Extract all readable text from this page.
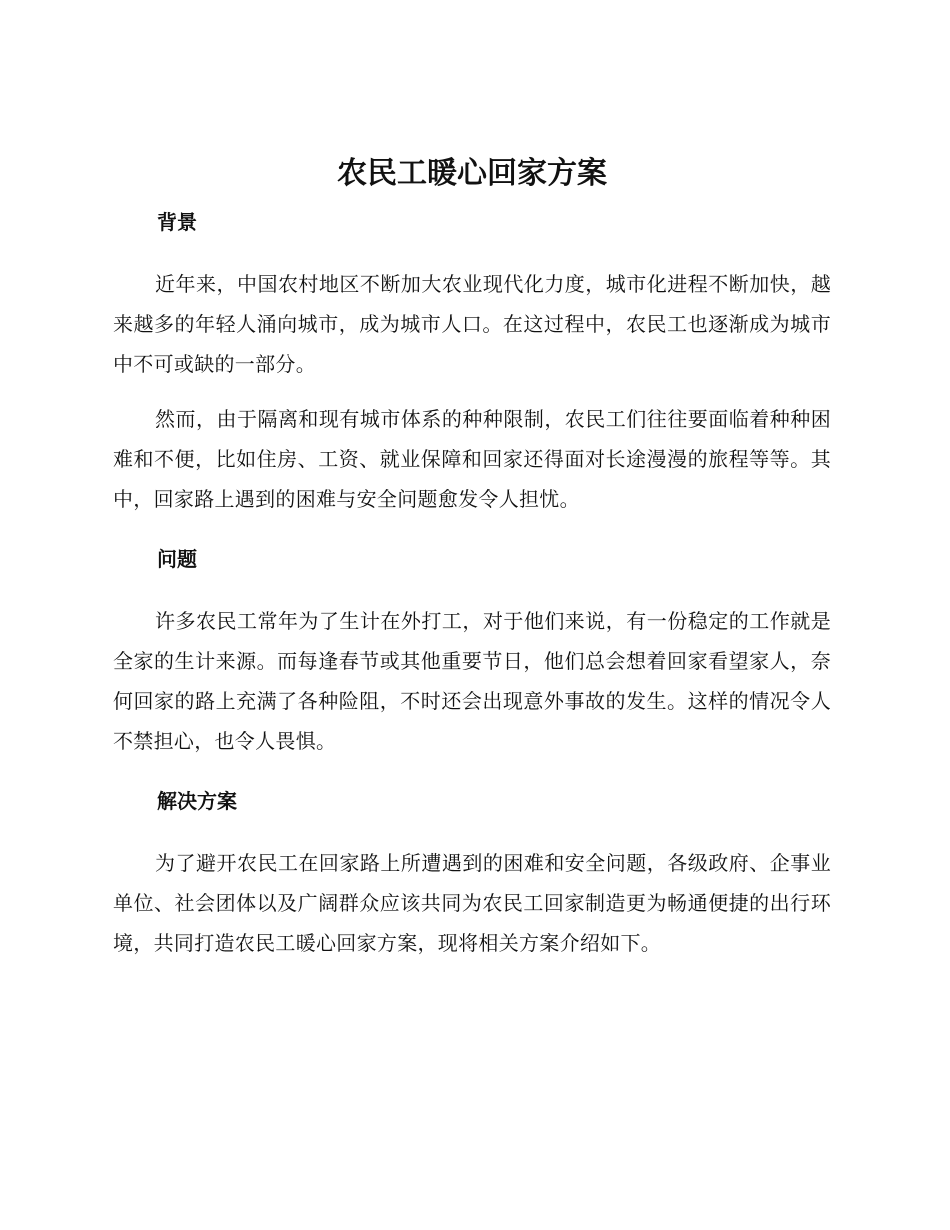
农民工暖心回家方案
背景

近年来，中国农村地区不断加大农业现代化力度，城市化进程不断加快，越来越多的年轻人涌向城市，成为城市人口。在这过程中，农民工也逐渐成为城市中不可或缺的一部分。

然而，由于隔离和现有城市体系的种种限制，农民工们往往要面临着种种困难和不便，比如住房、工资、就业保障和回家还得面对长途漫漫的旅程等等。其中，回家路上遇到的困难与安全问题愈发令人担忧。

问题

许多农民工常年为了生计在外打工，对于他们来说，有一份稳定的工作就是全家的生计来源。而每逢春节或其他重要节日，他们总会想着回家看望家人，奈何回家的路上充满了各种险阻，不时还会出现意外事故的发生。这样的情况令人不禁担心，也令人畏惧。

解决方案

为了避开农民工在回家路上所遭遇到的困难和安全问题，各级政府、企事业单位、社会团体以及广阔群众应该共同为农民工回家制造更为畅通便捷的出行环境，共同打造农民工暖心回家方案，现将相关方案介绍如下。
